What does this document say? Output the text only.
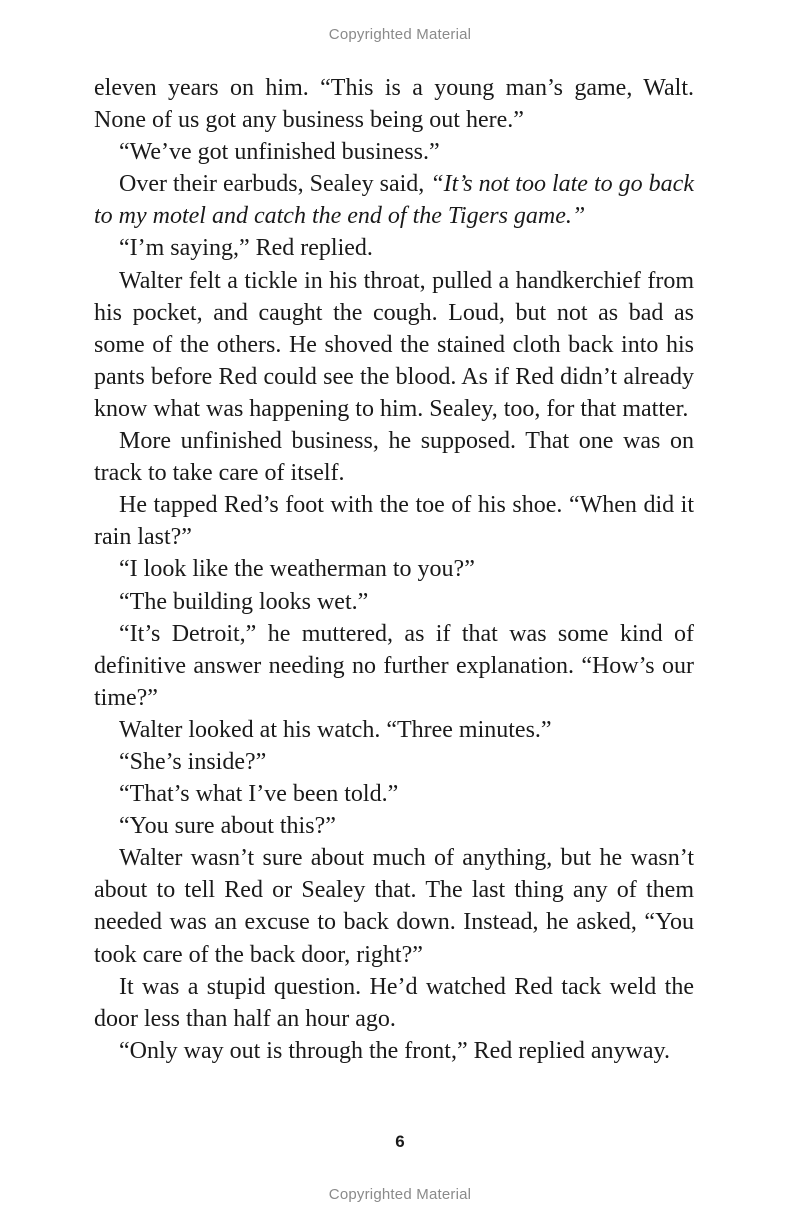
Copyrighted Material

eleven years on him. “This is a young man’s game, Walt. None of us got any business being out here.”

“We’ve got unfinished business.”

Over their earbuds, Sealey said, “It’s not too late to go back to my motel and catch the end of the Tigers game.”

“I’m saying,” Red replied.

Walter felt a tickle in his throat, pulled a handkerchief from his pocket, and caught the cough. Loud, but not as bad as some of the others. He shoved the stained cloth back into his pants before Red could see the blood. As if Red didn’t already know what was happening to him. Sealey, too, for that matter.

More unfinished business, he supposed. That one was on track to take care of itself.

He tapped Red’s foot with the toe of his shoe. “When did it rain last?”

“I look like the weatherman to you?”

“The building looks wet.”

“It’s Detroit,” he muttered, as if that was some kind of definitive answer needing no further explanation. “How’s our time?”

Walter looked at his watch. “Three minutes.”

“She’s inside?”

“That’s what I’ve been told.”

“You sure about this?”

Walter wasn’t sure about much of anything, but he wasn’t about to tell Red or Sealey that. The last thing any of them needed was an excuse to back down. Instead, he asked, “You took care of the back door, right?”

It was a stupid question. He’d watched Red tack weld the door less than half an hour ago.

“Only way out is through the front,” Red replied anyway.

6
Copyrighted Material
